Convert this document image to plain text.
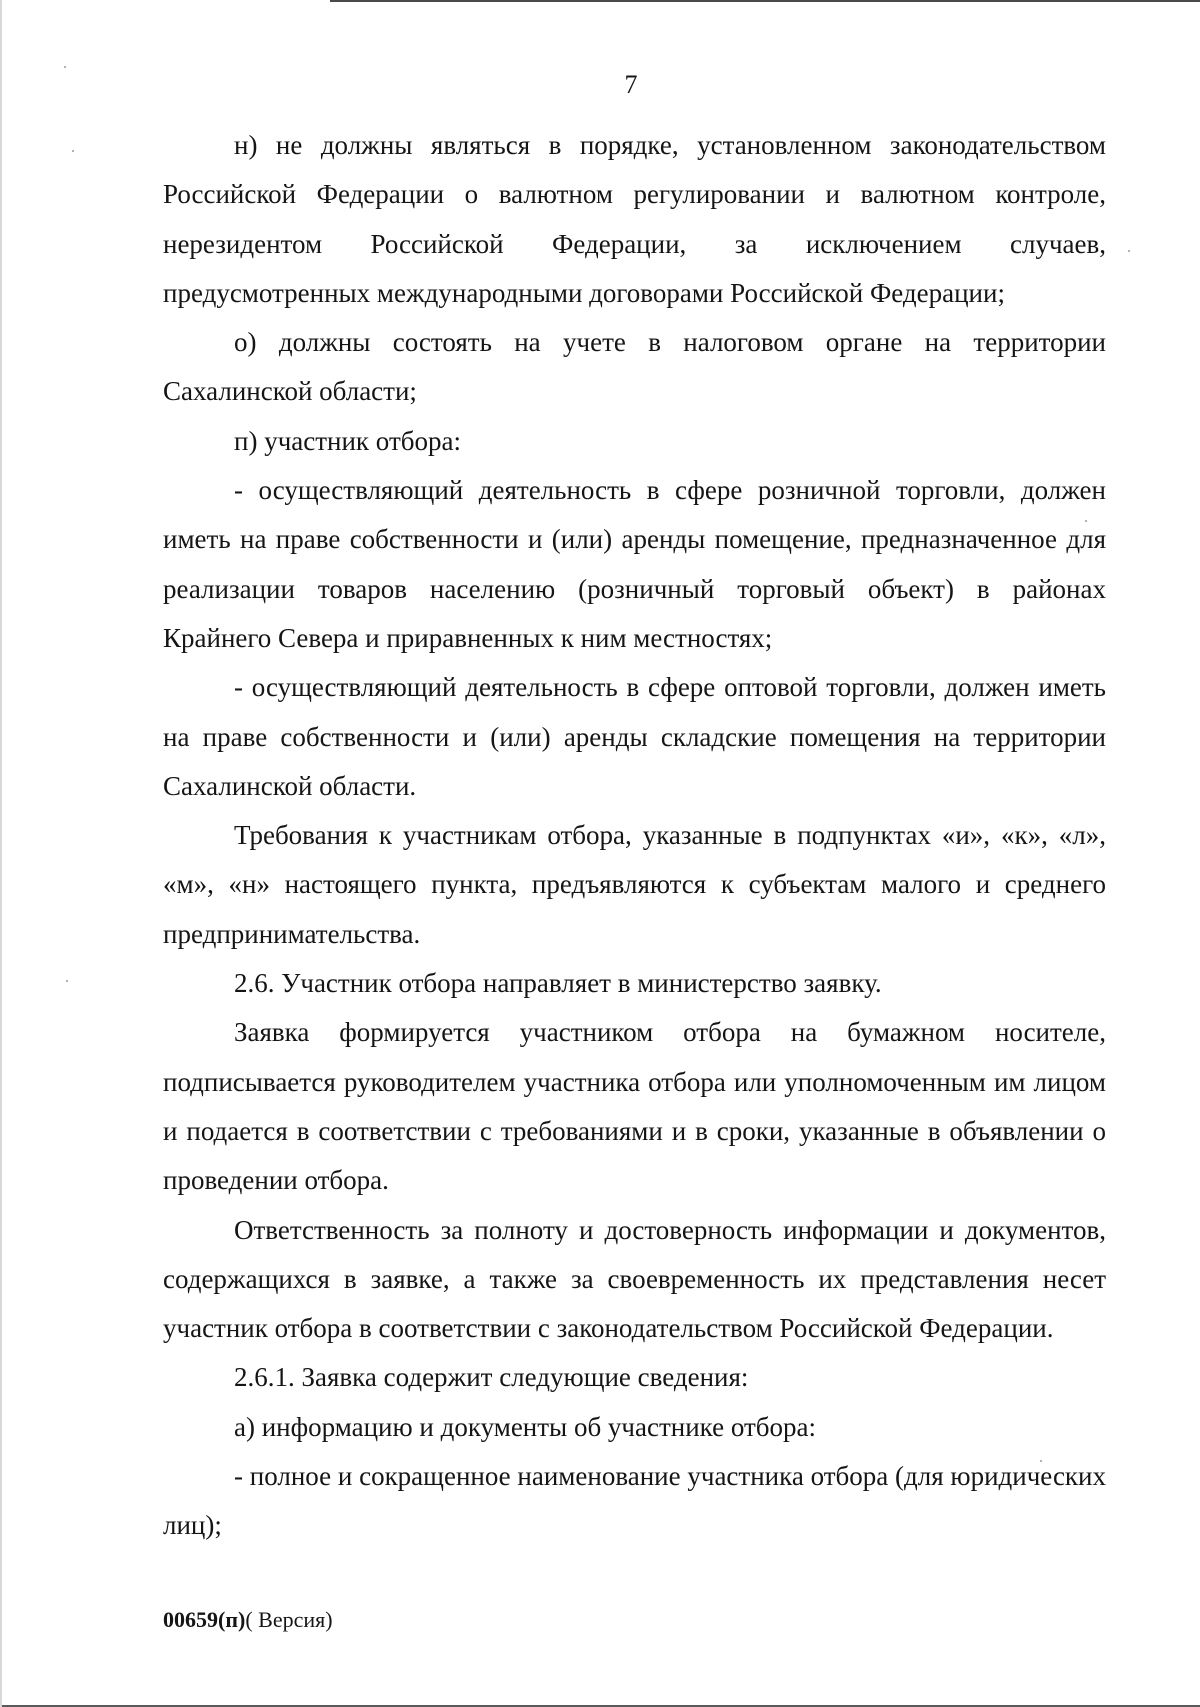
7

н) не должны являться в порядке, установленном законодательством Российской Федерации о валютном регулировании и валютном контроле, нерезидентом Российской Федерации, за исключением случаев, предусмотренных международными договорами Российской Федерации;

о) должны состоять на учете в налоговом органе на территории Сахалинской области;

п) участник отбора:

- осуществляющий деятельность в сфере розничной торговли, должен иметь на праве собственности и (или) аренды помещение, предназначенное для реализации товаров населению (розничный торговый объект) в районах Крайнего Севера и приравненных к ним местностях;

- осуществляющий деятельность в сфере оптовой торговли, должен иметь на праве собственности и (или) аренды складские помещения на территории Сахалинской области.

Требования к участникам отбора, указанные в подпунктах «и», «к», «л», «м», «н» настоящего пункта, предъявляются к субъектам малого и среднего предпринимательства.

2.6. Участник отбора направляет в министерство заявку.

Заявка формируется участником отбора на бумажном носителе, подписывается руководителем участника отбора или уполномоченным им лицом и подается в соответствии с требованиями и в сроки, указанные в объявлении о проведении отбора.

Ответственность за полноту и достоверность информации и документов, содержащихся в заявке, а также за своевременность их представления несет участник отбора в соответствии с законодательством Российской Федерации.

2.6.1. Заявка содержит следующие сведения:

а) информацию и документы об участнике отбора:

- полное и сокращенное наименование участника отбора (для юридических лиц);

00659(п)( Версия)
